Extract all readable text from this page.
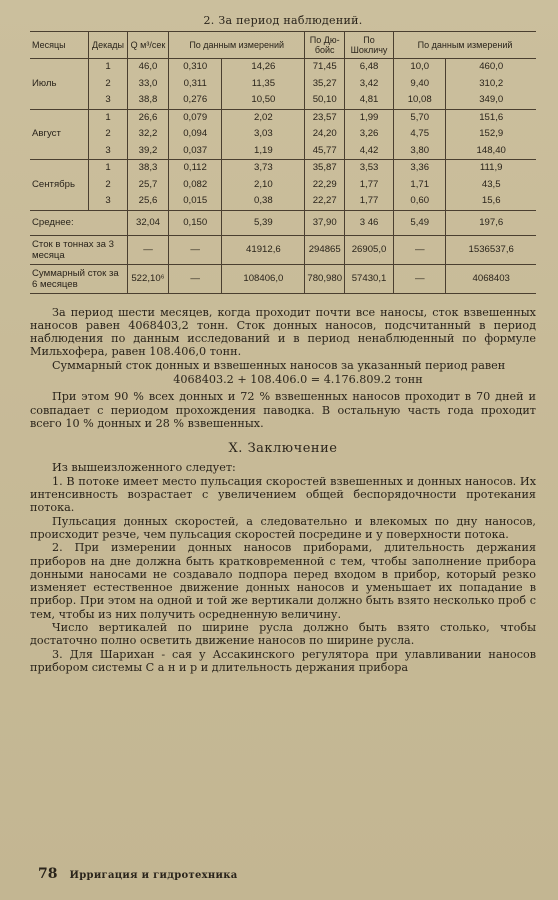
2. За период наблюдений.
Месяцы	Декады	Q м³/сек	По данным измерений		По Дю-бойс	По Шокличу	По данным измерений	
	1	46,0	0,310	14,26	71,45	6,48	10,0	460,0
Июль	2	33,0	0,311	11,35	35,27	3,42	9,40	310,2
	3	38,8	0,276	10,50	50,10	4,81	10,08	349,0
	1	26,6	0,079	2,02	23,57	1,99	5,70	151,6
Август	2	32,2	0,094	3,03	24,20	3,26	4,75	152,9
	3	39,2	0,037	1,19	45,77	4,42	3,80	148,40
	1	38,3	0,112	3,73	35,87	3,53	3,36	111,9
Сентябрь	2	25,7	0,082	2,10	22,29	1,77	1,71	43,5
	3	25,6	0,015	0,38	22,27	1,77	0,60	15,6
Среднее:		32,04	0,150	5,39	37,90	3 46	5,49	197,6
Сток в тоннах за 3 месяца		—	—	41912,6	294865	26905,0	—	1536537,6
Суммарный сток за 6 месяцев		522,10⁶	—	108406,0	780,980	57430,1	—	4068403

За период шести месяцев, когда проходит почти все наносы, сток взвешенных наносов равен 4068403,2 тонн. Сток донных наносов, подсчитанный в период наблюдения по данным исследований и в период ненаблюденный по формуле Мильхофера, равен 108.406,0 тонн.

Суммарный сток донных и взвешенных наносов за указанный период равен

4068403.2 + 108.406.0 = 4.176.809.2 тонн

При этом 90 % всех донных и 72 % взвешенных наносов проходит в 70 дней и совпадает с периодом прохождения паводка. В остальную часть года проходит всего 10 % донных и 28 % взвешенных.

X. Заключение

Из вышеизложенного следует:

1. В потоке имеет место пульсация скоростей взвешенных и донных наносов. Их интенсивность возрастает с увеличением общей беспорядочности протекания потока.

Пульсация донных скоростей, а следовательно и влекомых по дну наносов, происходит резче, чем пульсация скоростей посредине и у поверхности потока.

2. При измерении донных наносов приборами, длительность держания приборов на дне должна быть кратковременной с тем, чтобы заполнение прибора донными наносами не создавало подпора перед входом в прибор, который резко изменяет естественное движение донных наносов и уменьшает их попадание в прибор. При этом на одной и той же вертикали должно быть взято несколько проб с тем, чтобы из них получить осредненную величину.

Число вертикалей по ширине русла должно быть взято столько, чтобы достаточно полно осветить движение наносов по ширине русла.

3. Для Шарихан - сая у Ассакинского регулятора при улавливании наносов прибором системы С а н и р и длительность держания прибора

78 Ирригация и гидротехника
